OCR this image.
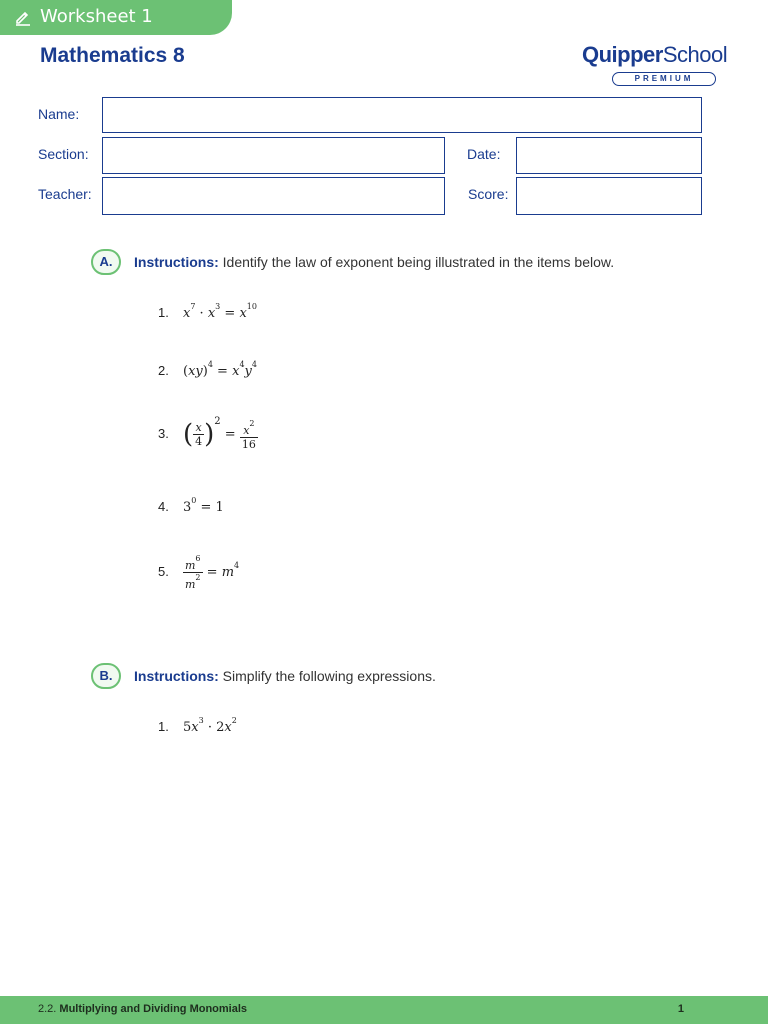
Worksheet 1
Mathematics 8	QuipperSchool
PREMIUM
Name:
Section:	Date:
Teacher:	Score:
A.	Instructions: Identify the law of exponent being illustrated in the items below.
1. $x^7 \cdot x^3 = x^{10}$
2. $(xy)^4 = x^4y^4$
3. ( $\frac{x}{4} )^2 = \frac{x^2}{16}$
4. $3^0 = 1$
5. $\frac{m^6}{m^2} = m^4$
B.	Instructions: Simplify the following expressions.
1. $5x^3 \cdot 2x^2$
2.2. Multiplying and Dividing Monomials	1
